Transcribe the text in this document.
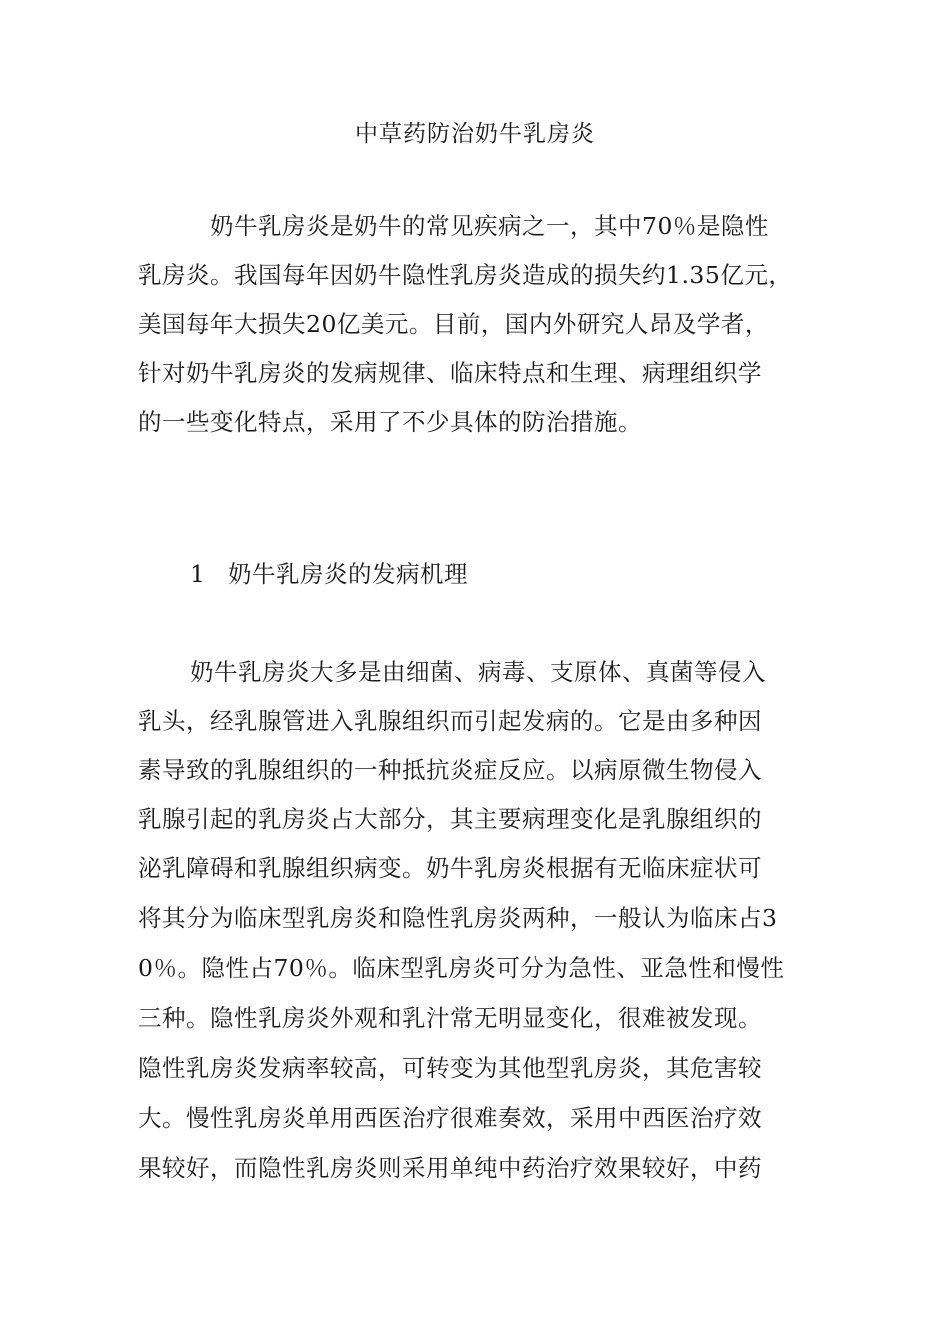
中草药防治奶牛乳房炎
奶牛乳房炎是奶牛的常见疾病之一，其中70％是隐性
乳房炎。我国每年因奶牛隐性乳房炎造成的损失约1.35亿元，
美国每年大损失20亿美元。目前，国内外研究人昂及学者，
针对奶牛乳房炎的发病规律、临床特点和生理、病理组织学
的一些变化特点，采用了不少具体的防治措施。
1 奶牛乳房炎的发病机理
奶牛乳房炎大多是由细菌、病毒、支原体、真菌等侵入
乳头，经乳腺管进入乳腺组织而引起发病的。它是由多种因
素导致的乳腺组织的一种抵抗炎症反应。以病原微生物侵入
乳腺引起的乳房炎占大部分，其主要病理变化是乳腺组织的
泌乳障碍和乳腺组织病变。奶牛乳房炎根据有无临床症状可
将其分为临床型乳房炎和隐性乳房炎两种，一般认为临床占3
0％。隐性占70％。临床型乳房炎可分为急性、亚急性和慢性
三种。隐性乳房炎外观和乳汁常无明显变化，很难被发现。
隐性乳房炎发病率较高，可转变为其他型乳房炎，其危害较
大。慢性乳房炎单用西医治疗很难奏效，采用中西医治疗效
果较好，而隐性乳房炎则采用单纯中药治疗效果较好，中药
